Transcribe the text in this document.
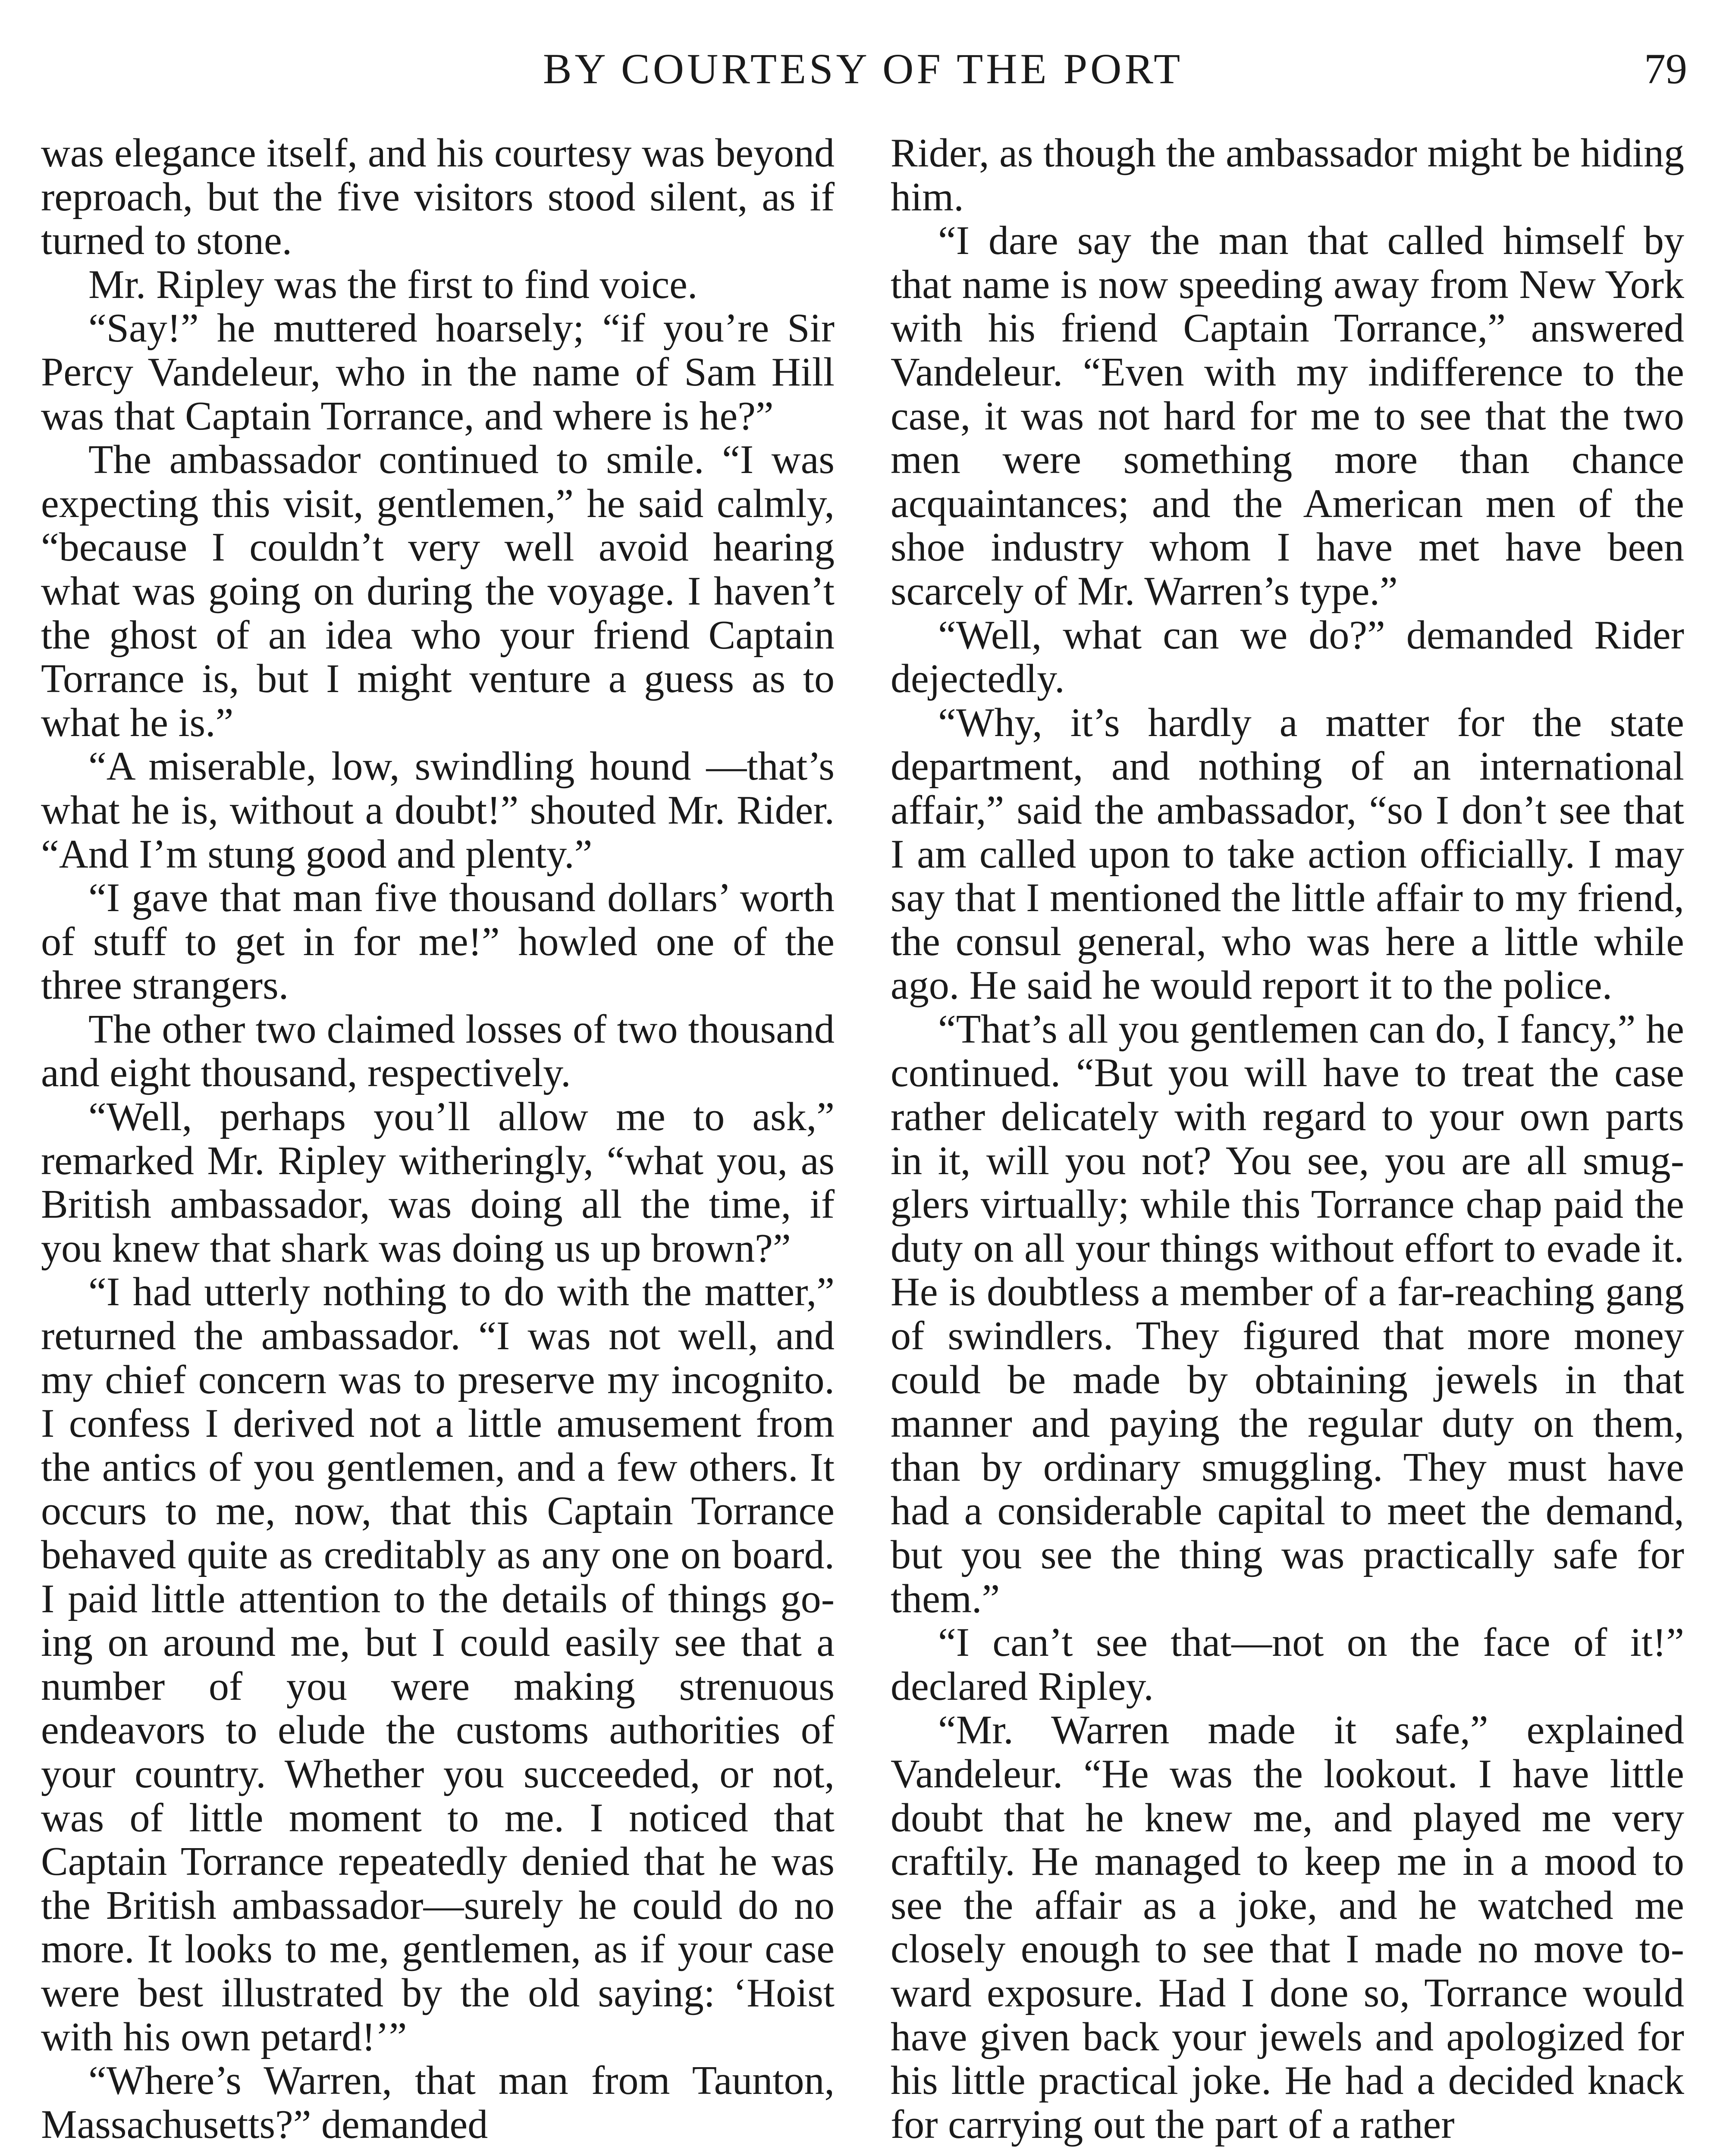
BY COURTESY OF THE PORT	79

was elegance itself, and his courtesy was beyond reproach, but the five visitors stood silent, as if turned to stone.

Mr. Ripley was the first to find voice.

“Say!” he muttered hoarsely; “if you’re Sir Percy Vandeleur, who in the name of Sam Hill was that Captain Torrance, and where is he?”

The ambassador continued to smile. “I was expecting this visit, gentlemen,” he said calmly, “because I couldn’t very well avoid hearing what was going on during the voyage. I haven’t the ghost of an idea who your friend Captain Torrance is, but I might venture a guess as to what he is.”

“A miserable, low, swindling hound —that’s what he is, without a doubt!” shouted Mr. Rider. “And I’m stung good and plenty.”

“I gave that man five thousand dollars’ worth of stuff to get in for me!” howled one of the three strangers.

The other two claimed losses of two thousand and eight thousand, respectively.

“Well, perhaps you’ll allow me to ask,” remarked Mr. Ripley witheringly, “what you, as British ambassador, was doing all the time, if you knew that shark was doing us up brown?”

“I had utterly nothing to do with the matter,” returned the ambassador. “I was not well, and my chief concern was to preserve my incognito. I confess I derived not a little amusement from the antics of you gentlemen, and a few others. It occurs to me, now, that this Captain Torrance behaved quite as creditably as any one on board. I paid little attention to the details of things going on around me, but I could easily see that a number of you were making strenuous endeavors to elude the customs authorities of your country. Whether you succeeded, or not, was of little moment to me. I noticed that Captain Torrance repeatedly denied that he was the British ambassador—surely he could do no more. It looks to me, gentlemen, as if your case were best illustrated by the old saying: ‘Hoist with his own petard!’”

“Where’s Warren, that man from Taunton, Massachusetts?” demanded

Rider, as though the ambassador might be hiding him.

“I dare say the man that called himself by that name is now speeding away from New York with his friend Captain Torrance,” answered Vandeleur. “Even with my indifference to the case, it was not hard for me to see that the two men were something more than chance acquaintances; and the American men of the shoe industry whom I have met have been scarcely of Mr. Warren’s type.”

“Well, what can we do?” demanded Rider dejectedly.

“Why, it’s hardly a matter for the state department, and nothing of an international affair,” said the ambassador, “so I don’t see that I am called upon to take action officially. I may say that I mentioned the little affair to my friend, the consul general, who was here a little while ago. He said he would report it to the police.

“That’s all you gentlemen can do, I fancy,” he continued. “But you will have to treat the case rather delicately with regard to your own parts in it, will you not? You see, you are all smugglers virtually; while this Torrance chap paid the duty on all your things without effort to evade it. He is doubtless a member of a far-reaching gang of swindlers. They figured that more money could be made by obtaining jewels in that manner and paying the regular duty on them, than by ordinary smuggling. They must have had a considerable capital to meet the demand, but you see the thing was practically safe for them.”

“I can’t see that—not on the face of it!” declared Ripley.

“Mr. Warren made it safe,” explained Vandeleur. “He was the lookout. I have little doubt that he knew me, and played me very craftily. He managed to keep me in a mood to see the affair as a joke, and he watched me closely enough to see that I made no move toward exposure. Had I done so, Torrance would have given back your jewels and apologized for his little practical joke. He had a decided knack for carrying out the part of a rather
